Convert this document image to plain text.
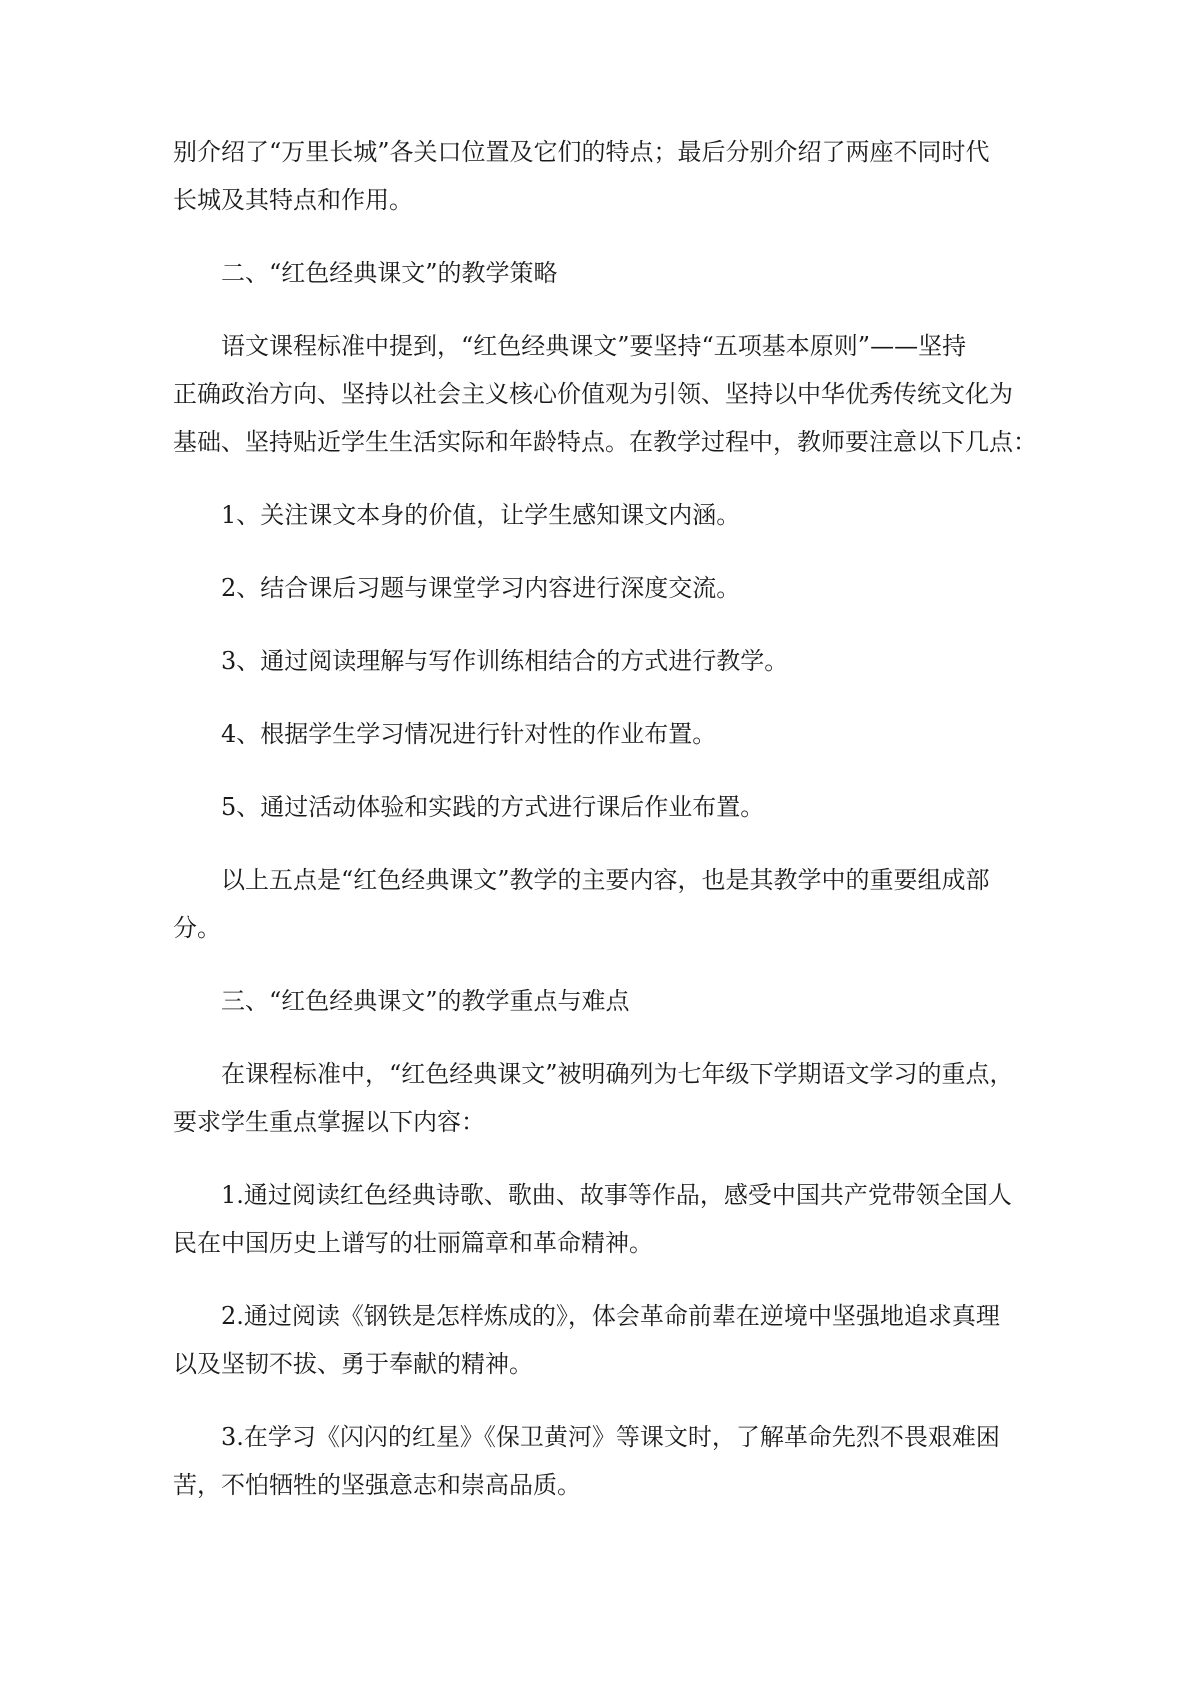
别介绍了“万里长城”各关口位置及它们的特点；最后分别介绍了两座不同时代
长城及其特点和作用。
二、“红色经典课文”的教学策略
语文课程标准中提到，“红色经典课文”要坚持“五项基本原则”——坚持
正确政治方向、坚持以社会主义核心价值观为引领、坚持以中华优秀传统文化为
基础、坚持贴近学生生活实际和年龄特点。在教学过程中，教师要注意以下几点：
1、关注课文本身的价值，让学生感知课文内涵。
2、结合课后习题与课堂学习内容进行深度交流。
3、通过阅读理解与写作训练相结合的方式进行教学。
4、根据学生学习情况进行针对性的作业布置。
5、通过活动体验和实践的方式进行课后作业布置。
以上五点是“红色经典课文”教学的主要内容，也是其教学中的重要组成部
分。
三、“红色经典课文”的教学重点与难点
在课程标准中，“红色经典课文”被明确列为七年级下学期语文学习的重点，
要求学生重点掌握以下内容：
1.通过阅读红色经典诗歌、歌曲、故事等作品，感受中国共产党带领全国人
民在中国历史上谱写的壮丽篇章和革命精神。
2.通过阅读《钢铁是怎样炼成的》，体会革命前辈在逆境中坚强地追求真理
以及坚韧不拔、勇于奉献的精神。
3.在学习《闪闪的红星》《保卫黄河》等课文时，了解革命先烈不畏艰难困
苦，不怕牺牲的坚强意志和崇高品质。
